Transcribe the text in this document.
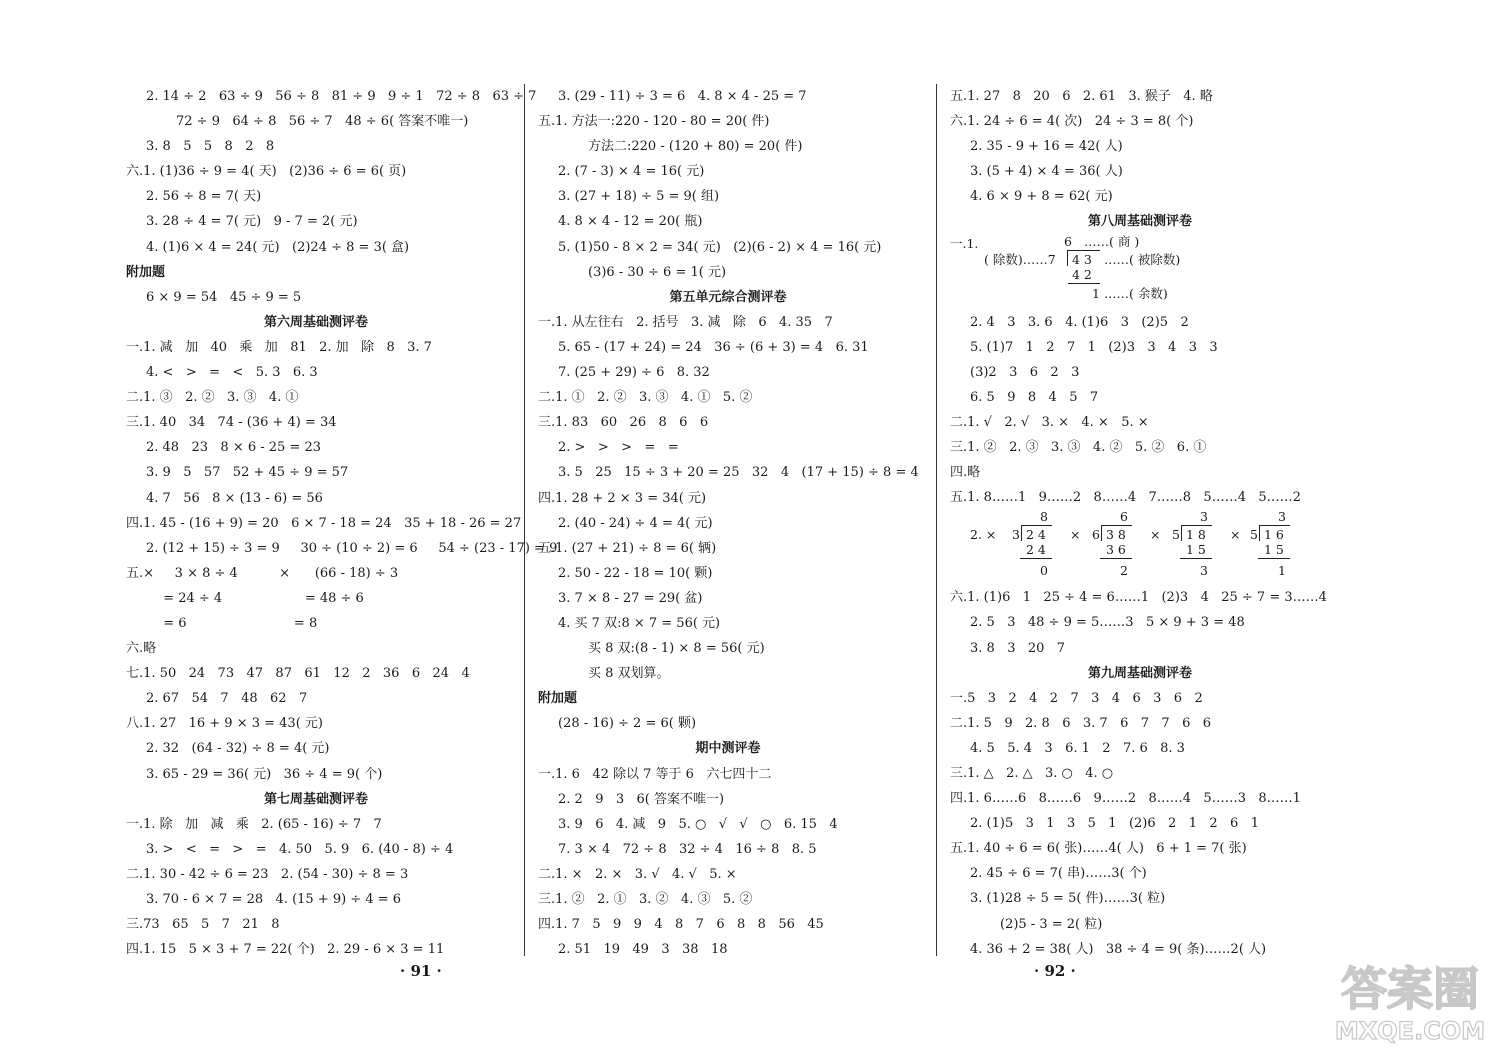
2. 14 ÷ 2   63 ÷ 9   56 ÷ 8   81 ÷ 9   9 ÷ 1   72 ÷ 8   63 ÷ 7
72 ÷ 9   64 ÷ 8   56 ÷ 7   48 ÷ 6( 答案不唯一)
3. 8   5   5   8   2   8
六.1. (1)36 ÷ 9 = 4( 天)   (2)36 ÷ 6 = 6( 页)
2. 56 ÷ 8 = 7( 天)
3. 28 ÷ 4 = 7( 元)   9 - 7 = 2( 元)
4. (1)6 × 4 = 24( 元)   (2)24 ÷ 8 = 3( 盒)
附加题
6 × 9 = 54   45 ÷ 9 = 5
第六周基础测评卷
一.1. 减   加   40   乘   加   81   2. 加   除   8   3. 7
4. <   >   =   <   5. 3   6. 3
二.1. ③   2. ②   3. ③   4. ①
三.1. 40   34   74 - (36 + 4) = 34
2. 48   23   8 × 6 - 25 = 23
3. 9   5   57   52 + 45 ÷ 9 = 57
4. 7   56   8 × (13 - 6) = 56
四.1. 45 - (16 + 9) = 20   6 × 7 - 18 = 24   35 + 18 - 26 = 27
2. (12 + 15) ÷ 3 = 9     30 ÷ (10 ÷ 2) = 6     54 ÷ (23 - 17) = 9
五.×     3 × 8 ÷ 4          ×      (66 - 18) ÷ 3
= 24 ÷ 4                    = 48 ÷ 6
= 6                          = 8
六.略
七.1. 50   24   73   47   87   61   12   2   36   6   24   4
2. 67   54   7   48   62   7
八.1. 27   16 + 9 × 3 = 43( 元)
2. 32   (64 - 32) ÷ 8 = 4( 元)
3. 65 - 29 = 36( 元)   36 ÷ 4 = 9( 个)
第七周基础测评卷
一.1. 除   加   减   乘   2. (65 - 16) ÷ 7   7
3. >   <   =   >   =   4. 50   5. 9   6. (40 - 8) ÷ 4
二.1. 30 - 42 ÷ 6 = 23   2. (54 - 30) ÷ 8 = 3
3. 70 - 6 × 7 = 28   4. (15 + 9) ÷ 4 = 6
三.73   65   5   7   21   8
四.1. 15   5 × 3 + 7 = 22( 个)   2. 29 - 6 × 3 = 11
3. (29 - 11) ÷ 3 = 6   4. 8 × 4 - 25 = 7
五.1. 方法一:220 - 120 - 80 = 20( 件)
方法二:220 - (120 + 80) = 20( 件)
2. (7 - 3) × 4 = 16( 元)
3. (27 + 18) ÷ 5 = 9( 组)
4. 8 × 4 - 12 = 20( 瓶)
5. (1)50 - 8 × 2 = 34( 元)   (2)(6 - 2) × 4 = 16( 元)
(3)6 - 30 ÷ 6 = 1( 元)
第五单元综合测评卷
一.1. 从左往右   2. 括号   3. 减   除   6   4. 35   7
5. 65 - (17 + 24) = 24   36 ÷ (6 + 3) = 4   6. 31
7. (25 + 29) ÷ 6   8. 32
二.1. ①   2. ②   3. ③   4. ①   5. ②
三.1. 83   60   26   8   6   6
2. >   >   >   =   =
3. 5   25   15 ÷ 3 + 20 = 25   32   4   (17 + 15) ÷ 8 = 4
四.1. 28 + 2 × 3 = 34( 元)
2. (40 - 24) ÷ 4 = 4( 元)
五.1. (27 + 21) ÷ 8 = 6( 辆)
2. 50 - 22 - 18 = 10( 颗)
3. 7 × 8 - 27 = 29( 盆)
4. 买 7 双:8 × 7 = 56( 元)
买 8 双:(8 - 1) × 8 = 56( 元)
买 8 双划算。
附加题
(28 - 16) ÷ 2 = 6( 颗)
期中测评卷
一.1. 6   42 除以 7 等于 6   六七四十二
2. 2   9   3   6( 答案不唯一)
3. 9   6   4. 减   9   5. ○   √   √   ○   6. 15   4
7. 3 × 4   72 ÷ 8   32 ÷ 4   16 ÷ 8   8. 5
二.1. ×   2. ×   3. √   4. √   5. ×
三.1. ②   2. ①   3. ②   4. ③   5. ②
四.1. 7   5   9   9   4   8   7   6   8   8   56   45
2. 51   19   49   3   38   18
五.1. 27   8   20   6   2. 61   3. 猴子   4. 略
六.1. 24 ÷ 6 = 4( 次)   24 ÷ 3 = 8( 个)
2. 35 - 9 + 16 = 42( 人)
3. (5 + 4) × 4 = 36( 人)
4. 6 × 9 + 8 = 62( 元)
第八周基础测评卷
一.1.	6 ……( 商 )
( 除数)……7 4 3 ……( 被除数)
4 2
1 ……( 余数)
2. 4   3   3. 6   4. (1)6   3   (2)5   2
5. (1)7   1   2   7   1   (2)3   3   4   3   3
(3)2   3   6   2   3
6. 5   9   8   4   5   7
二.1. √   2. √   3. ×   4. ×   5. ×
三.1. ②   2. ③   3. ③   4. ②   5. ②   6. ①
四.略
五.1. 8……1   9……2   8……4   7……8   5……4   5……2
2. ×
8
3 2 4
2 4
0
×
6
6 3 8
3 6
2
×
3
5 1 8
1 5
3
×
3
5 1 6
1 5
1
六.1. (1)6   1   25 ÷ 4 = 6……1   (2)3   4   25 ÷ 7 = 3……4
2. 5   3   48 ÷ 9 = 5……3   5 × 9 + 3 = 48
3. 8   3   20   7
第九周基础测评卷
一.5   3   2   4   2   7   3   4   6   3   6   2
二.1. 5   9   2. 8   6   3. 7   6   7   7   6   6
4. 5   5. 4   3   6. 1   2   7. 6   8. 3
三.1. △   2. △   3. ○   4. ○
四.1. 6……6   8……6   9……2   8……4   5……3   8……1
2. (1)5   3   1   3   5   1   (2)6   2   1   2   6   1
五.1. 40 ÷ 6 = 6( 张)……4( 人)   6 + 1 = 7( 张)
2. 45 ÷ 6 = 7( 串)……3( 个)
3. (1)28 ÷ 5 = 5( 件)……3( 粒)
(2)5 - 3 = 2( 粒)
4. 36 + 2 = 38( 人)   38 ÷ 4 = 9( 条)……2( 人)
· 91 ·	· 92 ·	答案圈
MXQE.COM
